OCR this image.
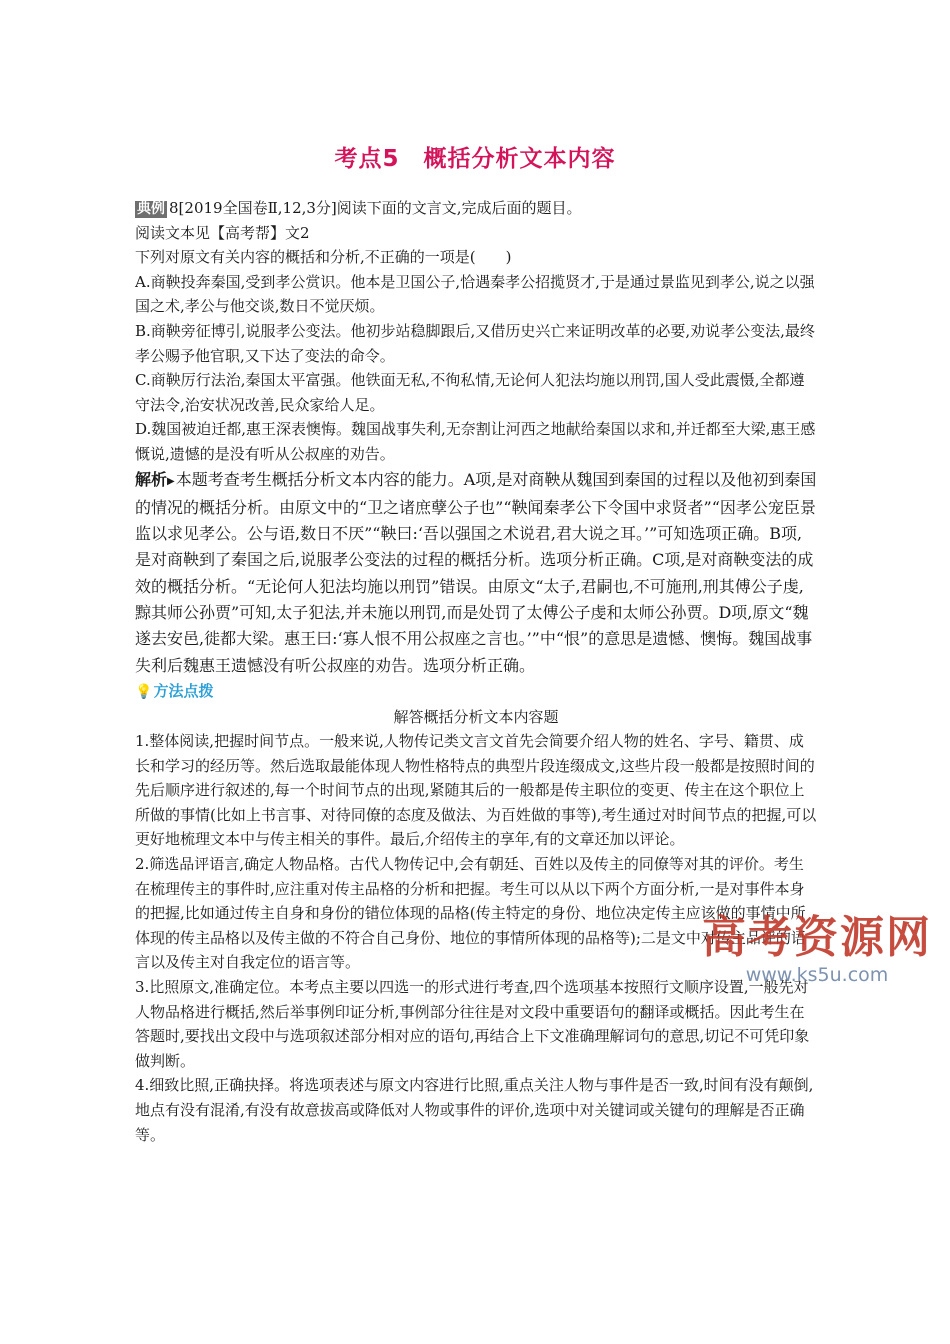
考点5　概括分析文本内容

典例 8[2019全国卷Ⅱ,12,3分]阅读下面的文言文,完成后面的题目。

阅读文本见【高考帮】文2

下列对原文有关内容的概括和分析,不正确的一项是(　　)

A.商鞅投奔秦国,受到孝公赏识。他本是卫国公子,恰遇秦孝公招揽贤才,于是通过景监见到孝公,说之以强国之术,孝公与他交谈,数日不觉厌烦。

B.商鞅旁征博引,说服孝公变法。他初步站稳脚跟后,又借历史兴亡来证明改革的必要,劝说孝公变法,最终孝公赐予他官职,又下达了变法的命令。

C.商鞅厉行法治,秦国太平富强。他铁面无私,不徇私情,无论何人犯法均施以刑罚,国人受此震慑,全都遵守法令,治安状况改善,民众家给人足。

D.魏国被迫迁都,惠王深表懊悔。魏国战事失利,无奈割让河西之地献给秦国以求和,并迁都至大梁,惠王感慨说,遗憾的是没有听从公叔座的劝告。

解析▶本题考查考生概括分析文本内容的能力。A项,是对商鞅从魏国到秦国的过程以及他初到秦国的情况的概括分析。由原文中的“卫之诸庶孽公子也”“鞅闻秦孝公下令国中求贤者”“因孝公宠臣景监以求见孝公。公与语,数日不厌”“鞅曰:‘吾以强国之术说君,君大说之耳。’”可知选项正确。B项,是对商鞅到了秦国之后,说服孝公变法的过程的概括分析。选项分析正确。C项,是对商鞅变法的成效的概括分析。“无论何人犯法均施以刑罚”错误。由原文“太子,君嗣也,不可施刑,刑其傅公子虔,黥其师公孙贾”可知,太子犯法,并未施以刑罚,而是处罚了太傅公子虔和太师公孙贾。D项,原文“魏遂去安邑,徙都大梁。惠王曰:‘寡人恨不用公叔座之言也。’”中“恨”的意思是遗憾、懊悔。魏国战事失利后魏惠王遗憾没有听公叔座的劝告。选项分析正确。

💡方法点拨

解答概括分析文本内容题

1.整体阅读,把握时间节点。一般来说,人物传记类文言文首先会简要介绍人物的姓名、字号、籍贯、成长和学习的经历等。然后选取最能体现人物性格特点的典型片段连缀成文,这些片段一般都是按照时间的先后顺序进行叙述的,每一个时间节点的出现,紧随其后的一般都是传主职位的变更、传主在这个职位上所做的事情(比如上书言事、对待同僚的态度及做法、为百姓做的事等),考生通过对时间节点的把握,可以更好地梳理文本中与传主相关的事件。最后,介绍传主的享年,有的文章还加以评论。

2.筛选品评语言,确定人物品格。古代人物传记中,会有朝廷、百姓以及传主的同僚等对其的评价。考生在梳理传主的事件时,应注重对传主品格的分析和把握。考生可以从以下两个方面分析,一是对事件本身的把握,比如通过传主自身和身份的错位体现的品格(传主特定的身份、地位决定传主应该做的事情中所体现的传主品格以及传主做的不符合自己身份、地位的事情所体现的品格等);二是文中对传主品评的语言以及传主对自我定位的语言等。

3.比照原文,准确定位。本考点主要以四选一的形式进行考查,四个选项基本按照行文顺序设置,一般先对人物品格进行概括,然后举事例印证分析,事例部分往往是对文段中重要语句的翻译或概括。因此考生在答题时,要找出文段中与选项叙述部分相对应的语句,再结合上下文准确理解词句的意思,切记不可凭印象做判断。

4.细致比照,正确抉择。将选项表述与原文内容进行比照,重点关注人物与事件是否一致,时间有没有颠倒,地点有没有混淆,有没有故意拔高或降低对人物或事件的评价,选项中对关键词或关键句的理解是否正确等。

高考资源网
www.ks5u.com
